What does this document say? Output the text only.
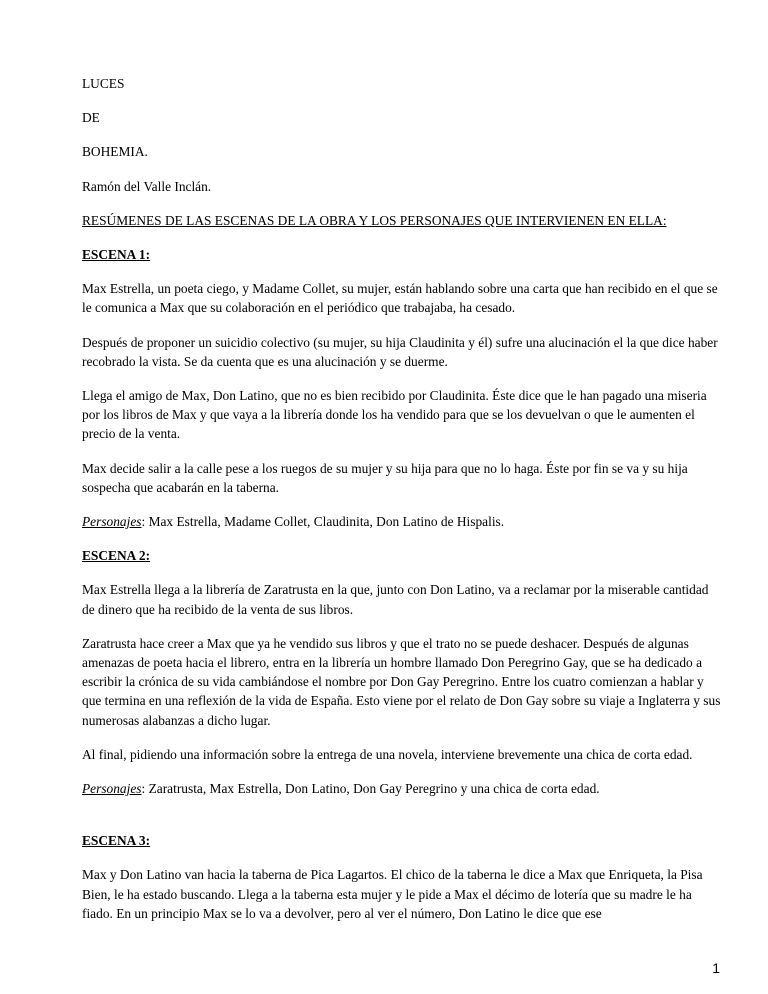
LUCES

DE

BOHEMIA.

Ramón del Valle Inclán.

RESÚMENES DE LAS ESCENAS DE LA OBRA Y LOS PERSONAJES QUE INTERVIENEN EN ELLA:

ESCENA 1:

Max Estrella, un poeta ciego, y Madame Collet, su mujer, están hablando sobre una carta que han recibido en el que se le comunica a Max que su colaboración en el periódico que trabajaba, ha cesado.

Después de proponer un suicidio colectivo (su mujer, su hija Claudinita y él) sufre una alucinación el la que dice haber recobrado la vista. Se da cuenta que es una alucinación y se duerme.

Llega el amigo de Max, Don Latino, que no es bien recibido por Claudinita. Éste dice que le han pagado una miseria por los libros de Max y que vaya a la librería donde los ha vendido para que se los devuelvan o que le aumenten el precio de la venta.

Max decide salir a la calle pese a los ruegos de su mujer y su hija para que no lo haga. Éste por fin se va y su hija sospecha que acabarán en la taberna.

Personajes: Max Estrella, Madame Collet, Claudinita, Don Latino de Hispalis.

ESCENA 2:

Max Estrella llega a la librería de Zaratrusta en la que, junto con Don Latino, va a reclamar por la miserable cantidad de dinero que ha recibido de la venta de sus libros.

Zaratrusta hace creer a Max que ya he vendido sus libros y que el trato no se puede deshacer. Después de algunas amenazas de poeta hacia el librero, entra en la librería un hombre llamado Don Peregrino Gay, que se ha dedicado a escribir la crónica de su vida cambiándose el nombre por Don Gay Peregrino. Entre los cuatro comienzan a hablar y que termina en una reflexión de la vida de España. Esto viene por el relato de Don Gay sobre su viaje a Inglaterra y sus numerosas alabanzas a dicho lugar.

Al final, pidiendo una información sobre la entrega de una novela, interviene brevemente una chica de corta edad.

Personajes: Zaratrusta, Max Estrella, Don Latino, Don Gay Peregrino y una chica de corta edad.

ESCENA 3:

Max y Don Latino van hacia la taberna de Pica Lagartos. El chico de la taberna le dice a Max que Enriqueta, la Pisa Bien, le ha estado buscando. Llega a la taberna esta mujer y le pide a Max el décimo de lotería que su madre le ha fiado. En un principio Max se lo va a devolver, pero al ver el número, Don Latino le dice que ese

1
